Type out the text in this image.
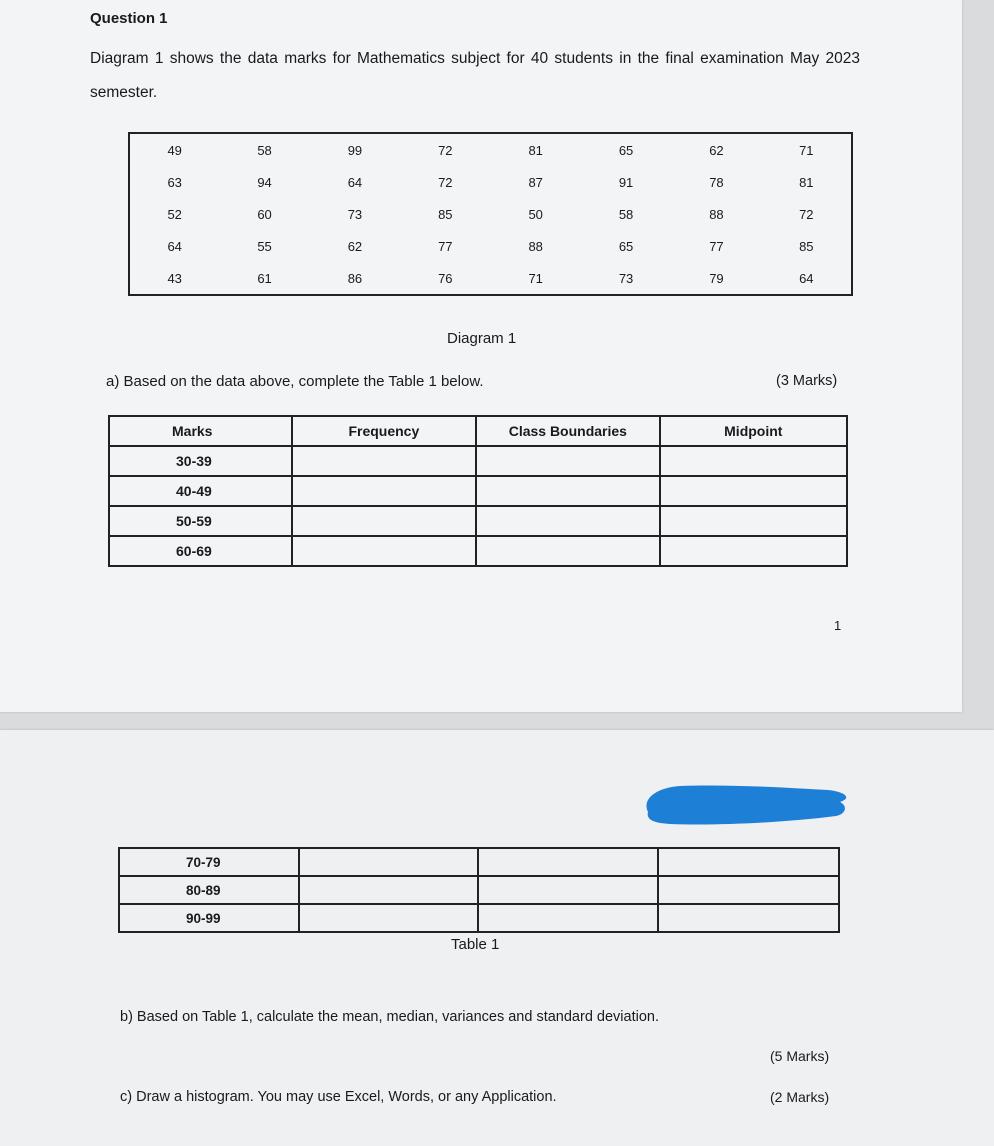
Question 1
Diagram 1 shows the data marks for Mathematics subject for 40 students in the final examination May 2023 semester.
49	58	99	72	81	65	62	71
63	94	64	72	87	91	78	81
52	60	73	85	50	58	88	72
64	55	62	77	88	65	77	85
43	61	86	76	71	73	79	64
Diagram 1
a) Based on the data above, complete the Table 1 below.	(3 Marks)
Marks	Frequency	Class Boundaries	Midpoint
30-39			
40-49			
50-59			
60-69			
1
70-79			
80-89			
90-99			
Table 1
b) Based on Table 1, calculate the mean, median, variances and standard deviation.
(5 Marks)
c) Draw a histogram. You may use Excel, Words, or any Application.	(2 Marks)
